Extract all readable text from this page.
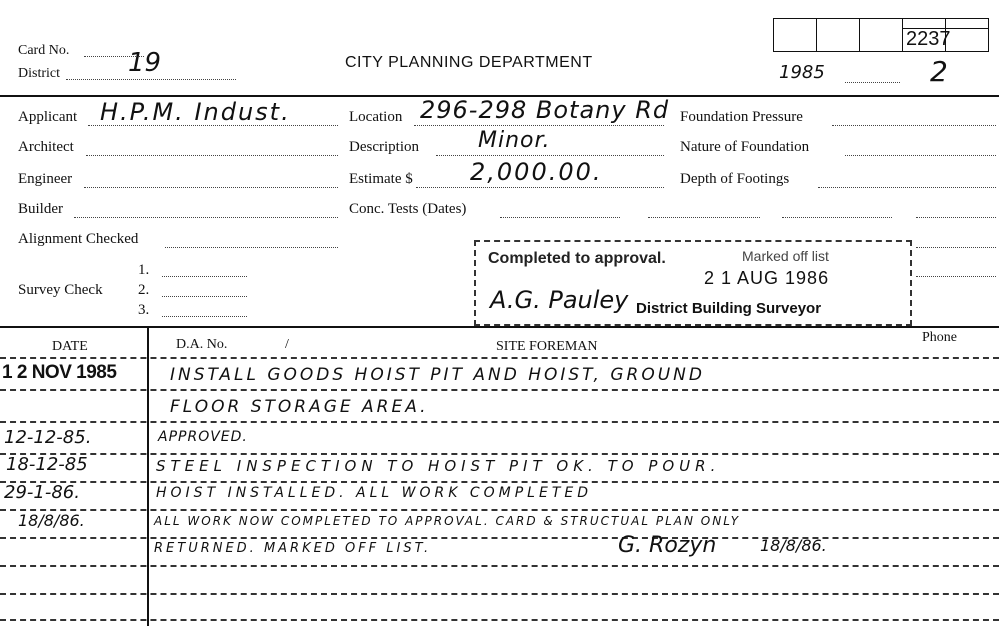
Card No.
District	19	CITY PLANNING DEPARTMENT
2237
1985	2
Applicant H.P.M. Indust.
Architect
Engineer
Builder
Alignment Checked
Survey Check
1.
2.
3.
Location 296-298 Botany Rd
Description	Minor.
Estimate $ 2,000.00.
Conc. Tests (Dates)
Foundation Pressure
Nature of Foundation
Depth of Footings
Completed to approval.	Marked off list
2 1 AUG 1986
A.G. Pauley District Building Surveyor
DATE	D.A. No.	/	SITE FOREMAN
Phone
1 2 NOV 1985	INSTALL GOODS HOIST PIT AND HOIST, GROUND
FLOOR STORAGE AREA.
12-12-85.	APPROVED.
18-12-85	STEEL INSPECTION TO HOIST PIT OK. TO POUR.
29-1-86.	HOIST INSTALLED. ALL WORK COMPLETED
18/8/86.	ALL WORK NOW COMPLETED TO APPROVAL. CARD & STRUCTUAL PLAN ONLY
RETURNED. MARKED OFF LIST.	G. Rozyn	18/8/86.
